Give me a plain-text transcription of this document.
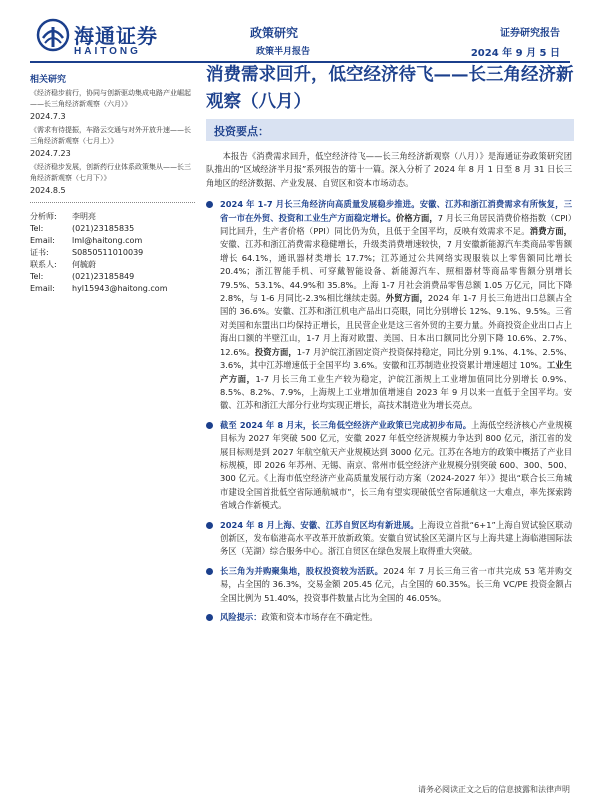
海通证券
HAITONG
政策研究
政策半月报告
证券研究报告
2024 年 9 月 5 日
相关研究
《经济稳步前行，协同与创新驱动集成电路产业崛起——长三角经济新观察（六月）》
2024.7.3
《需求有待提振，车路云交通与对外开放升速——长三角经济新观察（七月上）》
2024.7.23
《经济稳步发展，创新药行业体系政策集从——长三角经济新观察（七月下）》
2024.8.5
分析师: 李明亮
Tel:	(021)23185835
Email: lml@haitong.com
证书:	S0850511010039
联系人: 何毓蔚
Tel:	(021)23185849
Email: hyl15943@haitong.com
消费需求回升，低空经济待飞——长三角经济新观察（八月）
投资要点：

本报告《消费需求回升，低空经济待飞——长三角经济新观察（八月）》是海通证券政策研究团队推出的“区域经济半月报”系列报告的第十一篇。深入分析了 2024 年 8 月 1 日至 8 月 31 日长三角地区的经济数据、产业发展、自贸区和资本市场动态。

2024 年 1-7 月长三角经济向高质量发展稳步推进。安徽、江苏和浙江消费需求有所恢复，三省一市在外贸、投资和工业生产方面稳定增长。价格方面，7 月长三角居民消费价格指数（CPI）同比回升，生产者价格（PPI）同比仍为负，且低于全国平均，反映有效需求不足。消费方面，安徽、江苏和浙江消费需求稳健增长，升级类消费增速较快，7 月安徽新能源汽车类商品零售额增长 64.1%，通讯器材类增长 17.7%；江苏通过公共网络实现服装以上零售额同比增长 20.4%；浙江智能手机、可穿戴智能设备、新能源汽车、照相器材等商品零售额分别增长 79.5%、53.1%、44.9%和 35.8%。上海 1-7 月社会消费品零售总额 1.05 万亿元，同比下降 2.8%，与 1-6 月同比-2.3%相比继续走弱。外贸方面，2024 年 1-7 月长三角进出口总额占全国的 36.6%。安徽、江苏和浙江机电产品出口亮眼，同比分别增长 12%、9.1%、9.5%。三省对美国和东盟出口均保持正增长，且民营企业是这三省外贸的主要力量。外商投资企业出口占上海出口额的半壁江山，1-7 月上海对欧盟、美国、日本出口额同比分别下降 10.6%、2.7%、12.6%。投资方面，1-7 月沪皖江浙固定资产投资保持稳定，同比分别 9.1%、4.1%、2.5%、3.6%，其中江苏增速低于全国平均 3.6%。安徽和江苏制造业投资累计增速超过 10%。工业生产方面，1-7 月长三角工业生产较为稳定，沪皖江浙规上工业增加值同比分别增长 0.9%、8.5%、8.2%、7.9%，上海规上工业增加值增速自 2023 年 9 月以来一直低于全国平均。安徽、江苏和浙江大部分行业均实现正增长，高技术制造业为增长亮点。
截至 2024 年 8 月末，长三角低空经济产业政策已完成初步布局。上海低空经济核心产业规模目标为 2027 年突破 500 亿元，安徽 2027 年低空经济规模力争达到 800 亿元，浙江省的发展目标则是到 2027 年航空航天产业规模达到 3000 亿元。江苏在各地方的政策中概括了产业目标规模，即 2026 年苏州、无锡、南京、常州市低空经济产业规模分别突破 600、300、500、300 亿元。《上海市低空经济产业高质量发展行动方案（2024-2027 年）》提出“联合长三角城市建设全国首批低空省际通航城市”，长三角有望实现破低空省际通航这一大难点，率先探索跨省域合作新模式。
2024 年 8 月上海、安徽、江苏自贸区均有新进展。上海设立首批“6+1”上海自贸试验区联动创新区，发布临港高水平改革开放新政策。安徽自贸试验区芜湖片区与上海共建上海临港国际法务区（芜湖）综合服务中心。浙江自贸区在绿色发展上取得重大突破。
长三角为并购聚集地，股权投资较为活跃。2024 年 7 月长三角三省一市共完成 53 笔并购交易，占全国的 36.3%，交易金额 205.45 亿元，占全国的 60.35%。长三角 VC/PE 投资金额占全国比例为 51.40%，投资事件数量占比为全国的 46.05%。
风险提示：政策和资本市场存在不确定性。
请务必阅读正文之后的信息披露和法律声明
